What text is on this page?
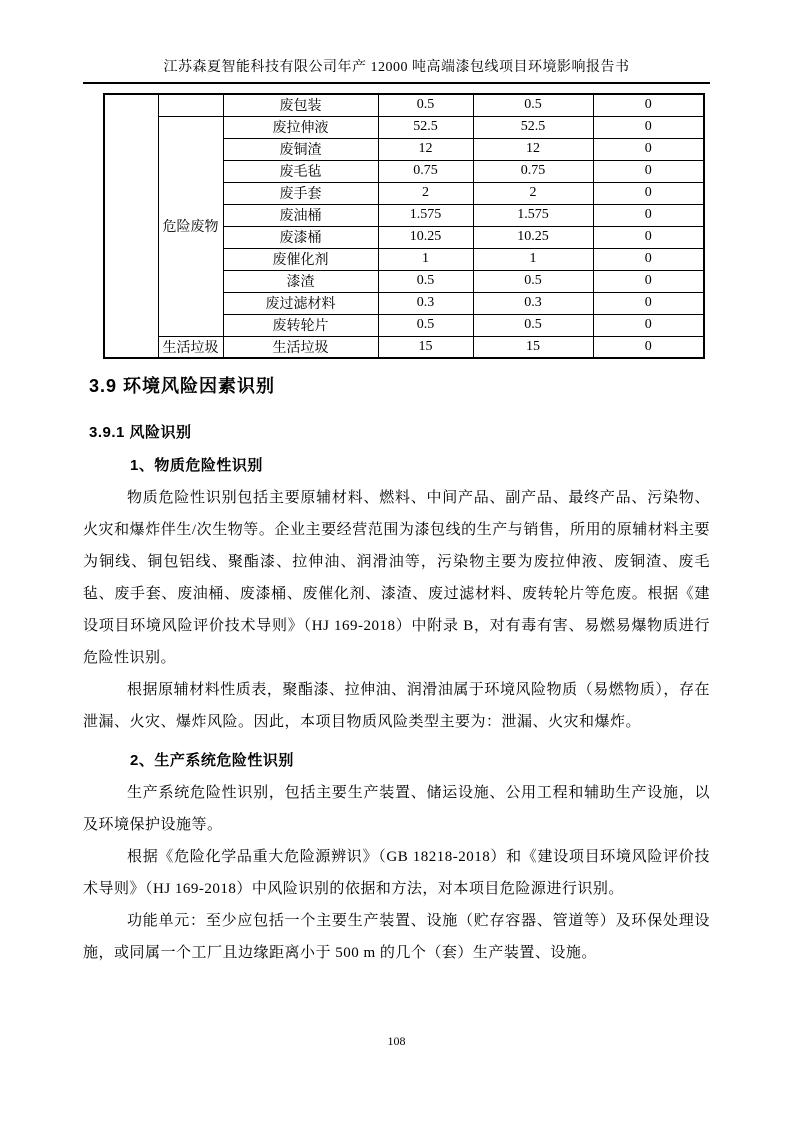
江苏森夏智能科技有限公司年产 12000 吨高端漆包线项目环境影响报告书
		废包装	0.5	0.5	0
	危险废物	废拉伸液	52.5	52.5	0
		废铜渣	12	12	0
		废毛毡	0.75	0.75	0
		废手套	2	2	0
		废油桶	1.575	1.575	0
		废漆桶	10.25	10.25	0
		废催化剂	1	1	0
		漆渣	0.5	0.5	0
		废过滤材料	0.3	0.3	0
		废转轮片	0.5	0.5	0
	生活垃圾	生活垃圾	15	15	0
3.9 环境风险因素识别
3.9.1 风险识别
1、物质危险性识别
物质危险性识别包括主要原辅材料、燃料、中间产品、副产品、最终产品、污染物、火灾和爆炸伴生/次生物等。企业主要经营范围为漆包线的生产与销售，所用的原辅材料主要为铜线、铜包铝线、聚酯漆、拉伸油、润滑油等，污染物主要为废拉伸液、废铜渣、废毛毡、废手套、废油桶、废漆桶、废催化剂、漆渣、废过滤材料、废转轮片等危废。根据《建设项目环境风险评价技术导则》（HJ 169-2018）中附录 B，对有毒有害、易燃易爆物质进行危险性识别。
根据原辅材料性质表，聚酯漆、拉伸油、润滑油属于环境风险物质（易燃物质），存在泄漏、火灾、爆炸风险。因此，本项目物质风险类型主要为：泄漏、火灾和爆炸。
2、生产系统危险性识别
生产系统危险性识别，包括主要生产装置、储运设施、公用工程和辅助生产设施，以及环境保护设施等。
根据《危险化学品重大危险源辨识》（GB 18218-2018）和《建设项目环境风险评价技术导则》（HJ 169-2018）中风险识别的依据和方法，对本项目危险源进行识别。
功能单元：至少应包括一个主要生产装置、设施（贮存容器、管道等）及环保处理设施，或同属一个工厂且边缘距离小于 500 m 的几个（套）生产装置、设施。
108
